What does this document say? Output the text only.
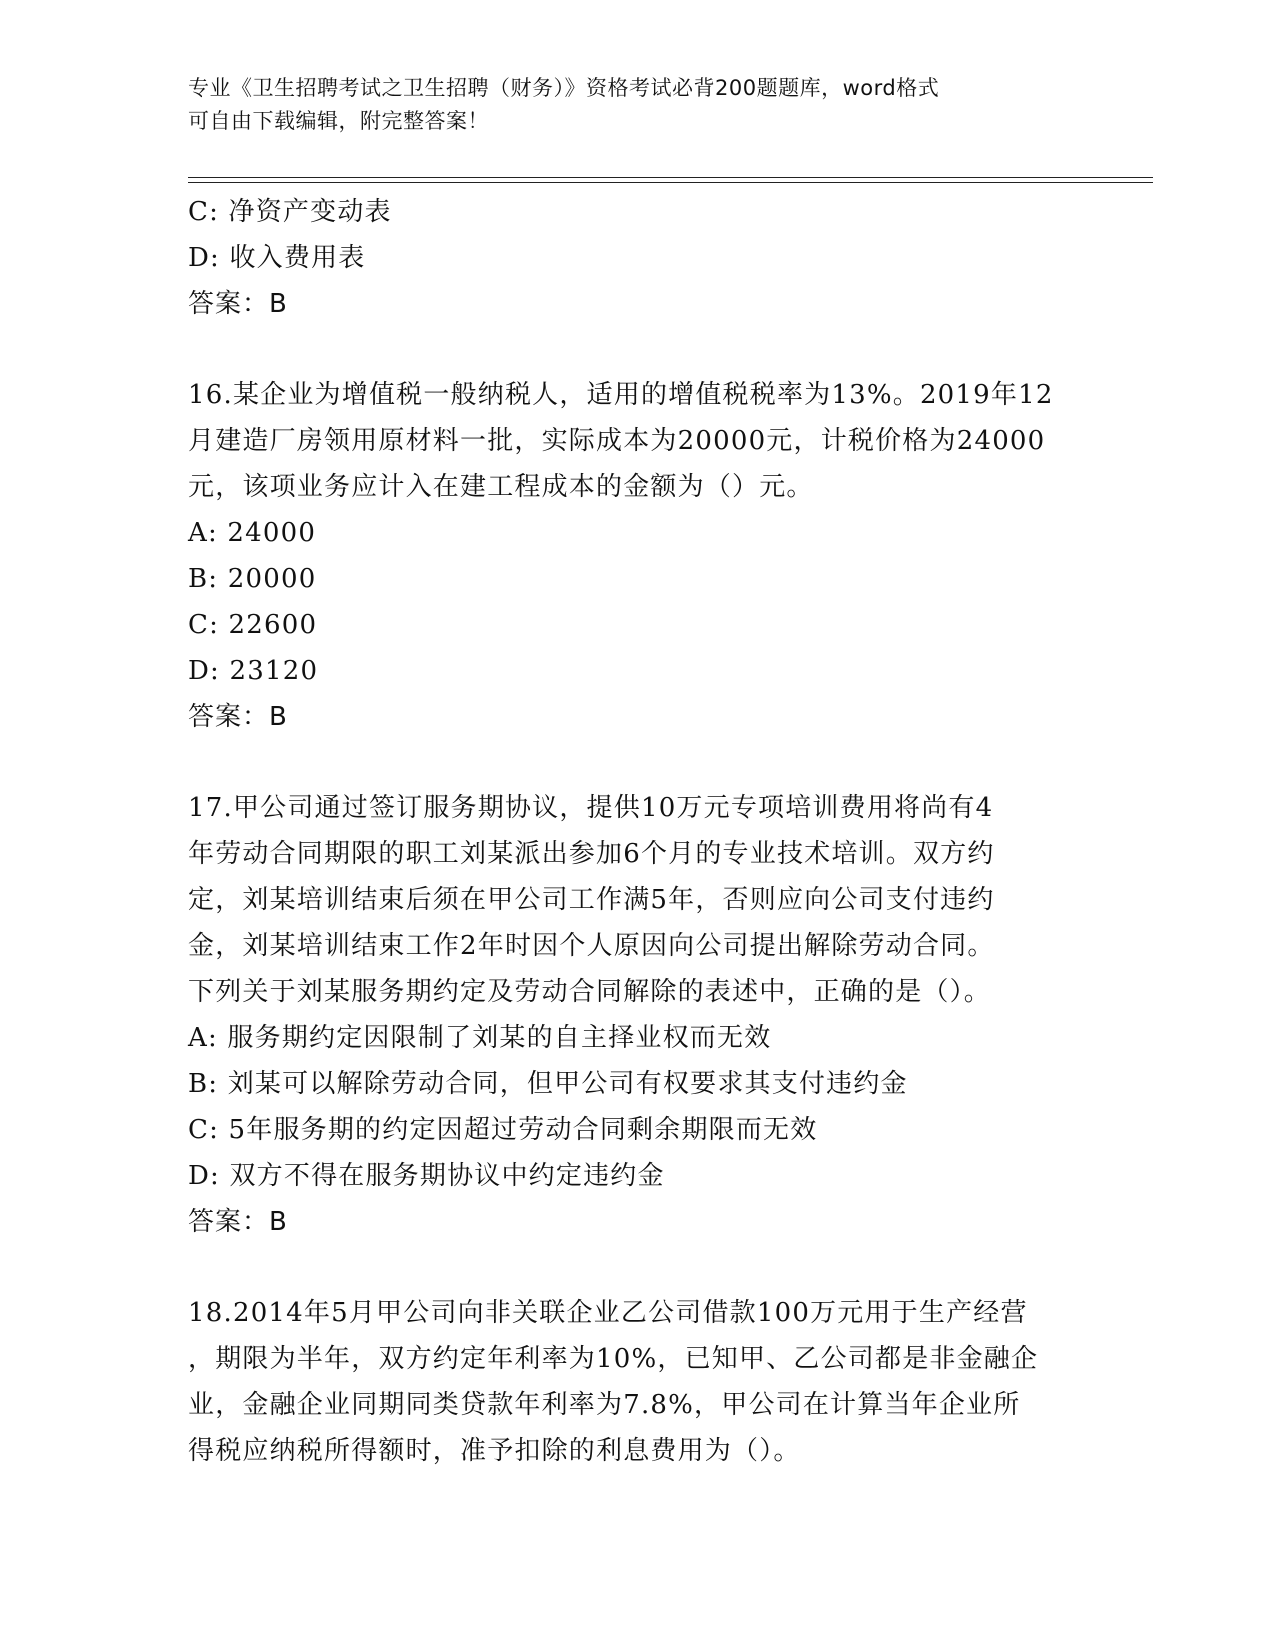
专业《卫生招聘考试之卫生招聘（财务）》资格考试必背200题题库，word格式
可自由下载编辑，附完整答案！
C: 净资产变动表
D: 收入费用表
答案：B
16.某企业为增值税一般纳税人，适用的增值税税率为13%。2019年12
月建造厂房领用原材料一批，实际成本为20000元，计税价格为24000
元，该项业务应计入在建工程成本的金额为（）元。
A: 24000
B: 20000
C: 22600
D: 23120
答案：B
17.甲公司通过签订服务期协议，提供10万元专项培训费用将尚有4
年劳动合同期限的职工刘某派出参加6个月的专业技术培训。双方约
定，刘某培训结束后须在甲公司工作满5年，否则应向公司支付违约
金，刘某培训结束工作2年时因个人原因向公司提出解除劳动合同。
下列关于刘某服务期约定及劳动合同解除的表述中，正确的是（）。
A: 服务期约定因限制了刘某的自主择业权而无效
B: 刘某可以解除劳动合同，但甲公司有权要求其支付违约金
C: 5年服务期的约定因超过劳动合同剩余期限而无效
D: 双方不得在服务期协议中约定违约金
答案：B
18.2014年5月甲公司向非关联企业乙公司借款100万元用于生产经营
，期限为半年，双方约定年利率为10%，已知甲、乙公司都是非金融企
业，金融企业同期同类贷款年利率为7.8%，甲公司在计算当年企业所
得税应纳税所得额时，准予扣除的利息费用为（）。
